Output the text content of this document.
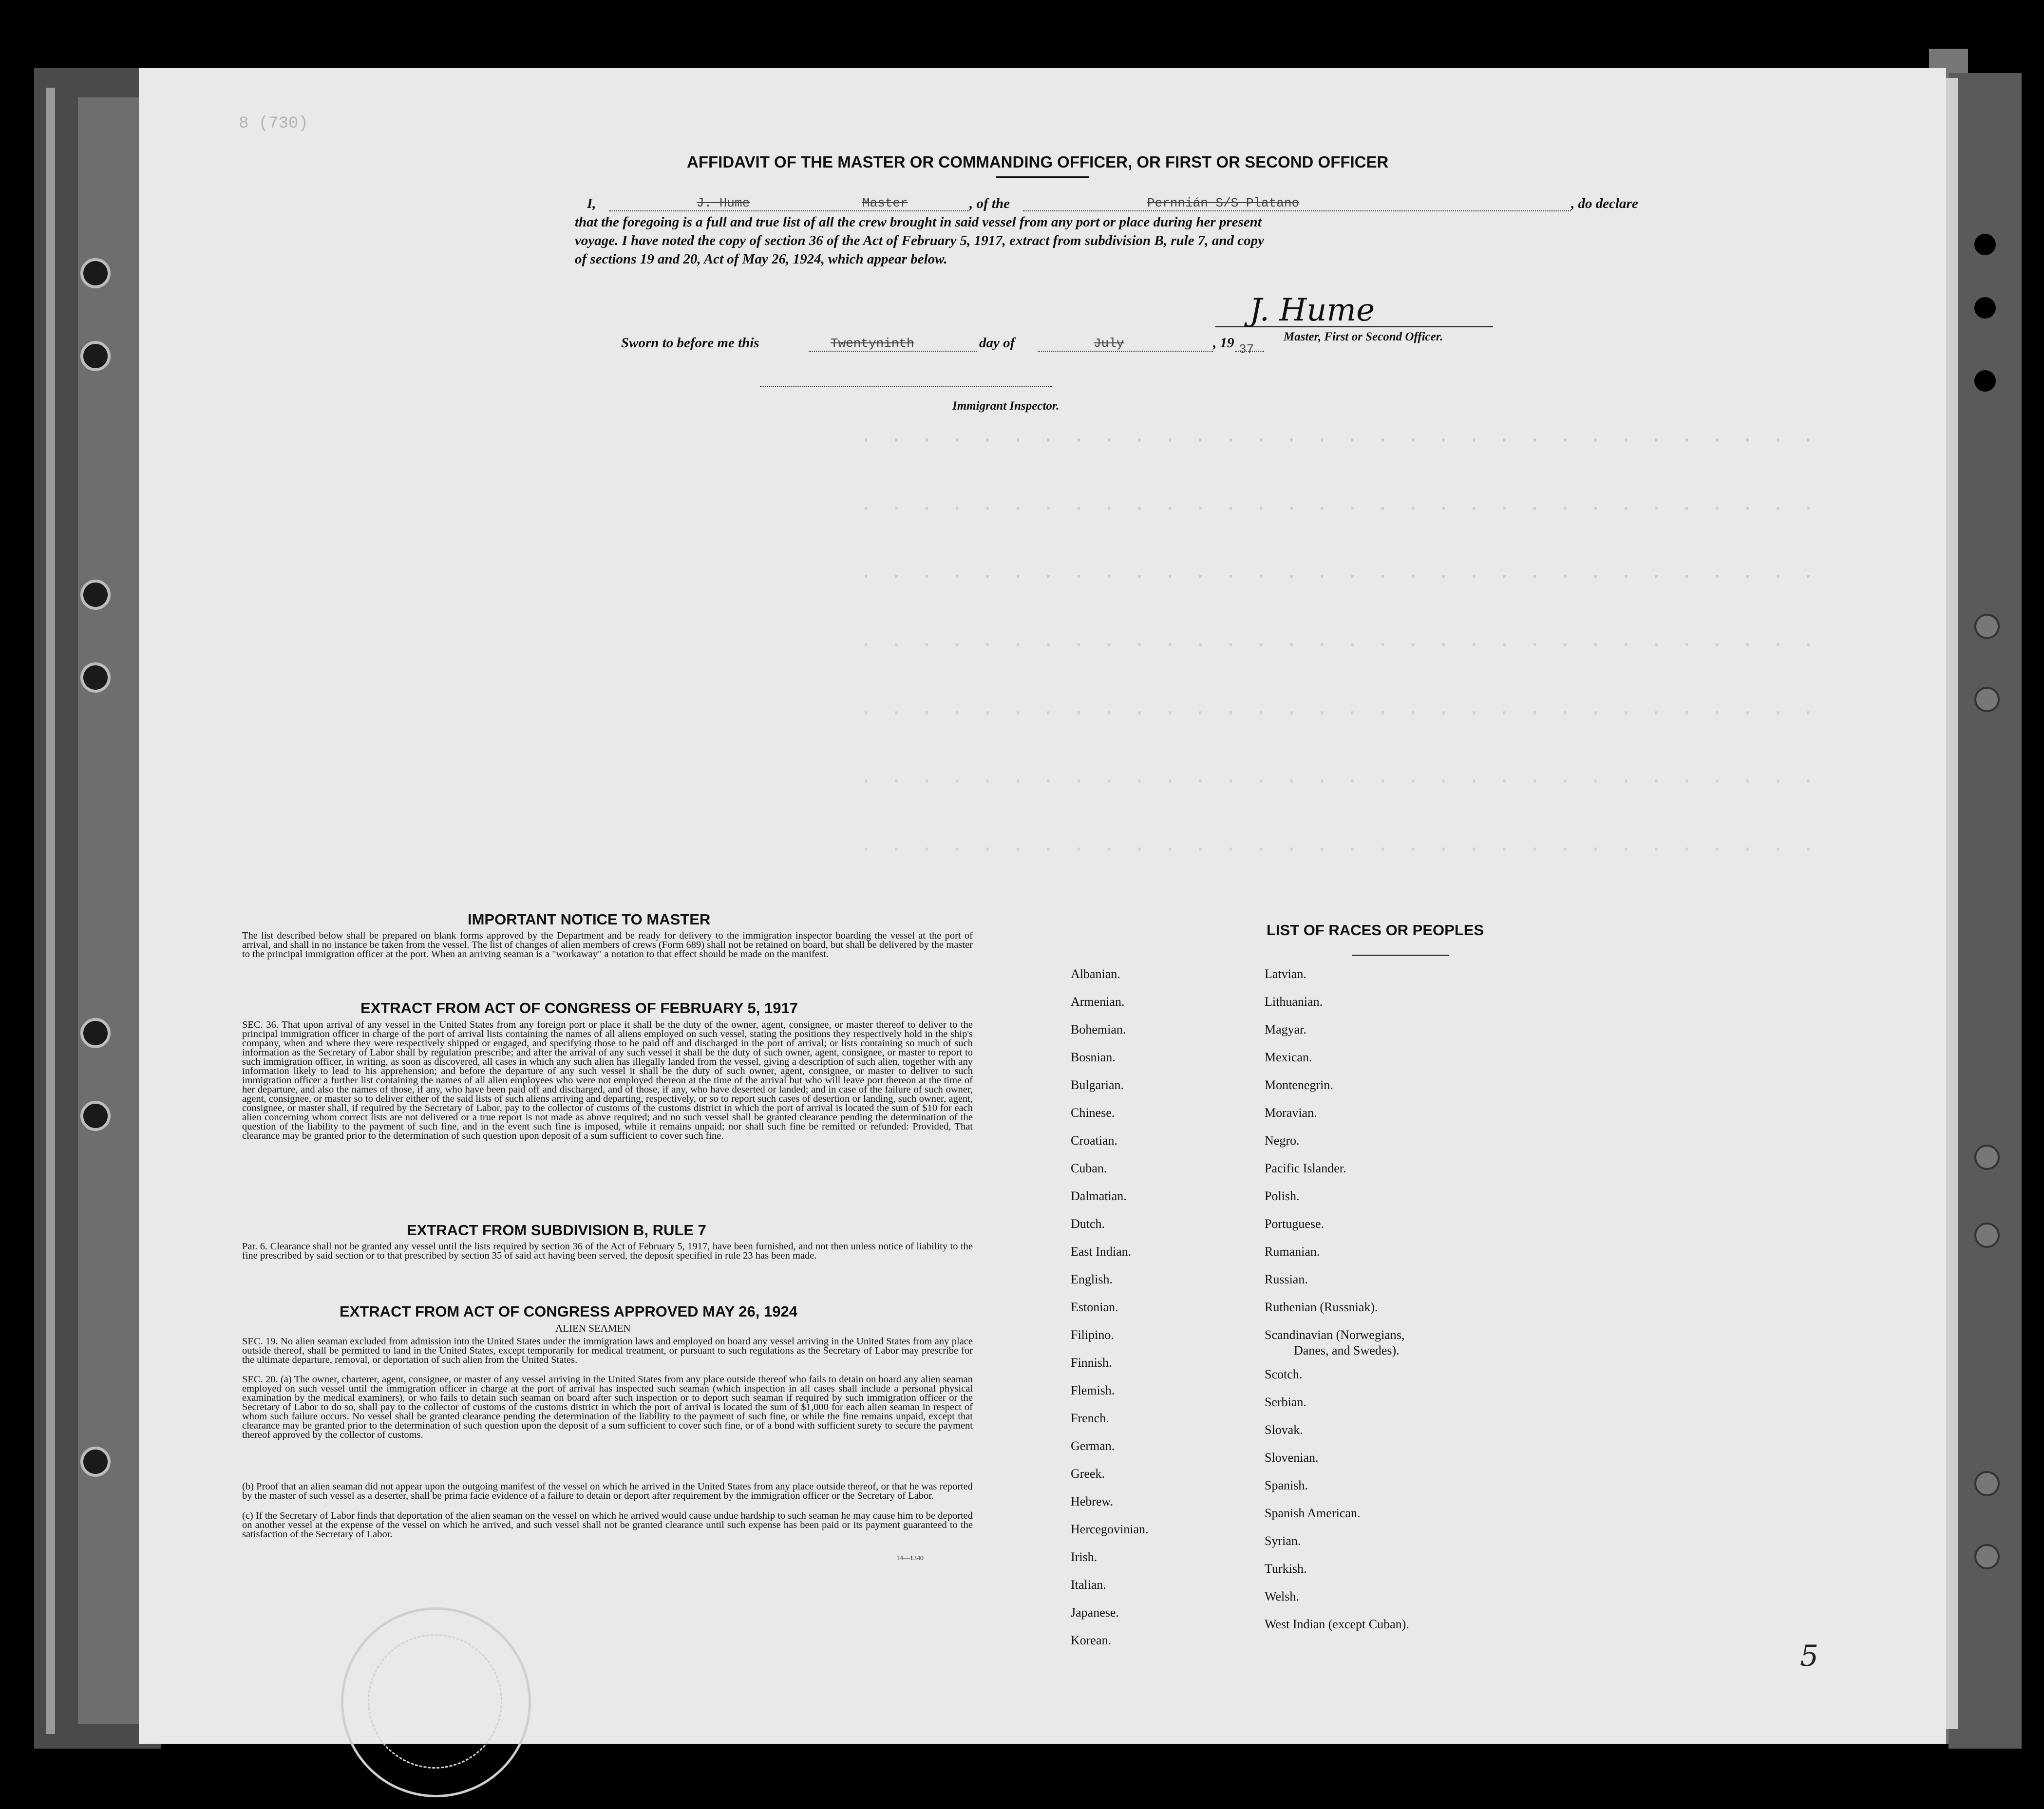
8 (730)
· · · · · · · · · · · · · · · · · · · · · · · · · · · · · · · ·
· · · · · · · · · · · · · · · · · · · · · · · · · · · · · · · ·
· · · · · · · · · · · · · · · · · · · · · · · · · · · · · · · ·
· · · · · · · · · · · · · · · · · · · · · · · · · · · · · · · ·
· · · · · · · · · · · · · · · · · · · · · · · · · · · · · · · ·
· · · · · · · · · · · · · · · · · · · · · · · · · · · · · · · ·
· · · · · · · · · · · · · · · · · · · · · · · · · · · · · · · ·
AFFIDAVIT OF THE MASTER OR COMMANDING OFFICER, OR FIRST OR SECOND OFFICER
I,	J. Hume	Master	, of the	Pernnián S/S Platano	, do declare
that the foregoing is a full and true list of all the crew brought in said vessel from any port or place during her present
voyage. I have noted the copy of section 36 of the Act of February 5, 1917, extract from subdivision B, rule 7, and copy
of sections 19 and 20, Act of May 26, 1924, which appear below.
J. Hume
Master, First or Second Officer.
Sworn to before me this	Twentyninth	day of	July	, 19 37
Immigrant Inspector.
IMPORTANT NOTICE TO MASTER
The list described below shall be prepared on blank forms approved by the Department and be ready for delivery to the immigration inspector boarding the vessel at the port of arrival, and shall in no instance be taken from the vessel. The list of changes of alien members of crews (Form 689) shall not be retained on board, but shall be delivered by the master to the principal immigration officer at the port. When an arriving seaman is a "workaway" a notation to that effect should be made on the manifest.
EXTRACT FROM ACT OF CONGRESS OF FEBRUARY 5, 1917
SEC. 36. That upon arrival of any vessel in the United States from any foreign port or place it shall be the duty of the owner, agent, consignee, or master thereof to deliver to the principal immigration officer in charge of the port of arrival lists containing the names of all aliens employed on such vessel, stating the positions they respectively hold in the ship's company, when and where they were respectively shipped or engaged, and specifying those to be paid off and discharged in the port of arrival; or lists containing so much of such information as the Secretary of Labor shall by regulation prescribe; and after the arrival of any such vessel it shall be the duty of such owner, agent, consignee, or master to report to such immigration officer, in writing, as soon as discovered, all cases in which any such alien has illegally landed from the vessel, giving a description of such alien, together with any information likely to lead to his apprehension; and before the departure of any such vessel it shall be the duty of such owner, agent, consignee, or master to deliver to such immigration officer a further list containing the names of all alien employees who were not employed thereon at the time of the arrival but who will leave port thereon at the time of her departure, and also the names of those, if any, who have been paid off and discharged, and of those, if any, who have deserted or landed; and in case of the failure of such owner, agent, consignee, or master so to deliver either of the said lists of such aliens arriving and departing, respectively, or so to report such cases of desertion or landing, such owner, agent, consignee, or master shall, if required by the Secretary of Labor, pay to the collector of customs of the customs district in which the port of arrival is located the sum of $10 for each alien concerning whom correct lists are not delivered or a true report is not made as above required; and no such vessel shall be granted clearance pending the determination of the question of the liability to the payment of such fine, and in the event such fine is imposed, while it remains unpaid; nor shall such fine be remitted or refunded: Provided, That clearance may be granted prior to the determination of such question upon deposit of a sum sufficient to cover such fine.
EXTRACT FROM SUBDIVISION B, RULE 7
Par. 6. Clearance shall not be granted any vessel until the lists required by section 36 of the Act of February 5, 1917, have been furnished, and not then unless notice of liability to the fine prescribed by said section or to that prescribed by section 35 of said act having been served, the deposit specified in rule 23 has been made.
EXTRACT FROM ACT OF CONGRESS APPROVED MAY 26, 1924
ALIEN SEAMEN
SEC. 19. No alien seaman excluded from admission into the United States under the immigration laws and employed on board any vessel arriving in the United States from any place outside thereof, shall be permitted to land in the United States, except temporarily for medical treatment, or pursuant to such regulations as the Secretary of Labor may prescribe for the ultimate departure, removal, or deportation of such alien from the United States.
SEC. 20. (a) The owner, charterer, agent, consignee, or master of any vessel arriving in the United States from any place outside thereof who fails to detain on board any alien seaman employed on such vessel until the immigration officer in charge at the port of arrival has inspected such seaman (which inspection in all cases shall include a personal physical examination by the medical examiners), or who fails to detain such seaman on board after such inspection or to deport such seaman if required by such immigration officer or the Secretary of Labor to do so, shall pay to the collector of customs of the customs district in which the port of arrival is located the sum of $1,000 for each alien seaman in respect of whom such failure occurs. No vessel shall be granted clearance pending the determination of the liability to the payment of such fine, or while the fine remains unpaid, except that clearance may be granted prior to the determination of such question upon the deposit of a sum sufficient to cover such fine, or of a bond with sufficient surety to secure the payment thereof approved by the collector of customs.
(b) Proof that an alien seaman did not appear upon the outgoing manifest of the vessel on which he arrived in the United States from any place outside thereof, or that he was reported by the master of such vessel as a deserter, shall be prima facie evidence of a failure to detain or deport after requirement by the immigration officer or the Secretary of Labor.
(c) If the Secretary of Labor finds that deportation of the alien seaman on the vessel on which he arrived would cause undue hardship to such seaman he may cause him to be deported on another vessel at the expense of the vessel on which he arrived, and such vessel shall not be granted clearance until such expense has been paid or its payment guaranteed to the satisfaction of the Secretary of Labor.
14—1340
LIST OF RACES OR PEOPLES
Albanian.
Armenian.
Bohemian.
Bosnian.
Bulgarian.
Chinese.
Croatian.
Cuban.
Dalmatian.
Dutch.
East Indian.
English.
Estonian.
Filipino.
Finnish.
Flemish.
French.
German.
Greek.
Hebrew.
Hercegovinian.
Irish.
Italian.
Japanese.
Korean.
Latvian.
Lithuanian.
Magyar.
Mexican.
Montenegrin.
Moravian.
Negro.
Pacific Islander.
Polish.
Portuguese.
Rumanian.
Russian.
Ruthenian (Russniak).
Scandinavian (Norwegians,
Danes, and Swedes).
Scotch.
Serbian.
Slovak.
Slovenian.
Spanish.
Spanish American.
Syrian.
Turkish.
Welsh.
West Indian (except Cuban).
5
